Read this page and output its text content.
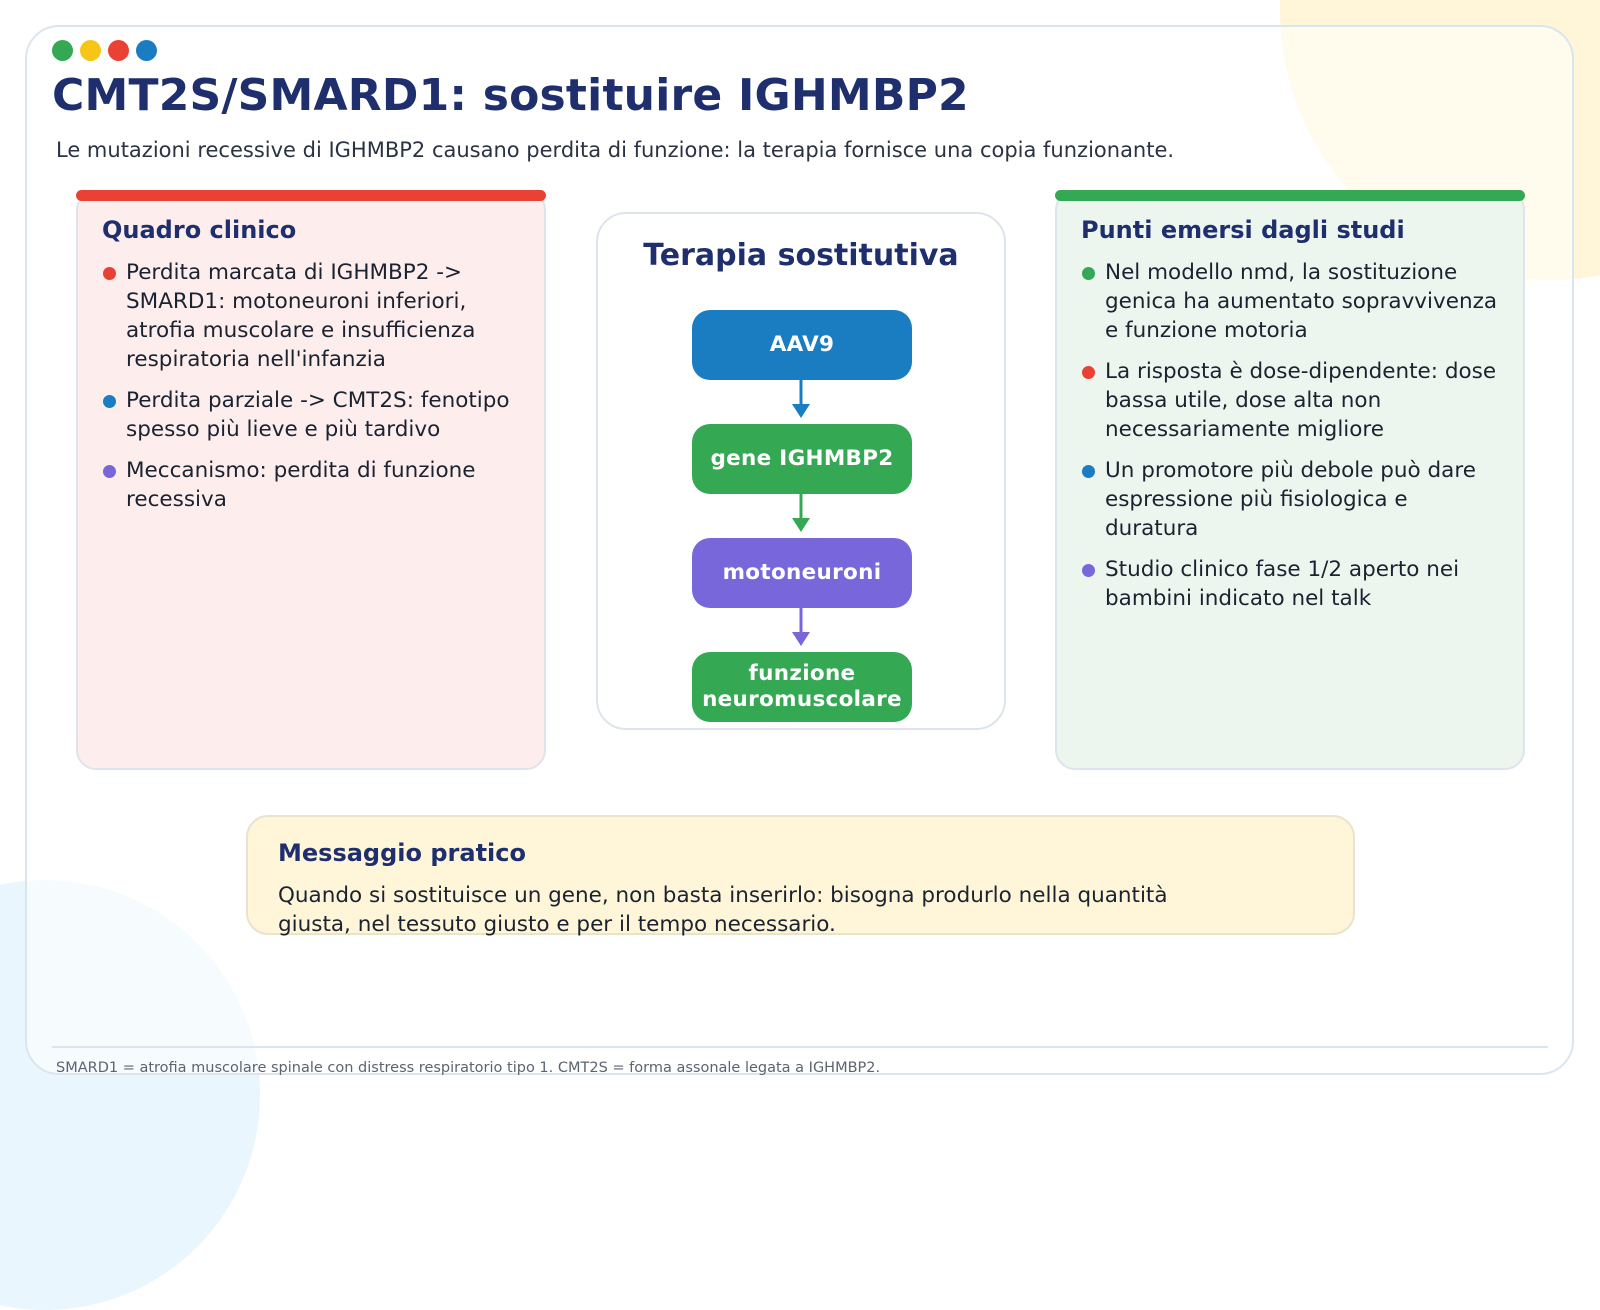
CMT2S/SMARD1: sostituire IGHMBP2

Le mutazioni recessive di IGHMBP2 causano perdita di funzione: la terapia fornisce una copia funzionante.

Quadro clinico
Perdita marcata di IGHMBP2 -> SMARD1: motoneuroni inferiori, atrofia muscolare e insufficienza respiratoria nell'infanzia
Perdita parziale -> CMT2S: fenotipo spesso più lieve e più tardivo
Meccanismo: perdita di funzione recessiva
Terapia sostitutiva
AAV9
gene IGHMBP2
motoneuroni
funzione neuromuscolare
Punti emersi dagli studi
Nel modello nmd, la sostituzione genica ha aumentato sopravvivenza e funzione motoria
La risposta è dose-dipendente: dose bassa utile, dose alta non necessariamente migliore
Un promotore più debole può dare espressione più fisiologica e duratura
Studio clinico fase 1/2 aperto nei bambini indicato nel talk
Messaggio pratico

Quando si sostituisce un gene, non basta inserirlo: bisogna produrlo nella quantità giusta, nel tessuto giusto e per il tempo necessario.

SMARD1 = atrofia muscolare spinale con distress respiratorio tipo 1. CMT2S = forma assonale legata a IGHMBP2.
